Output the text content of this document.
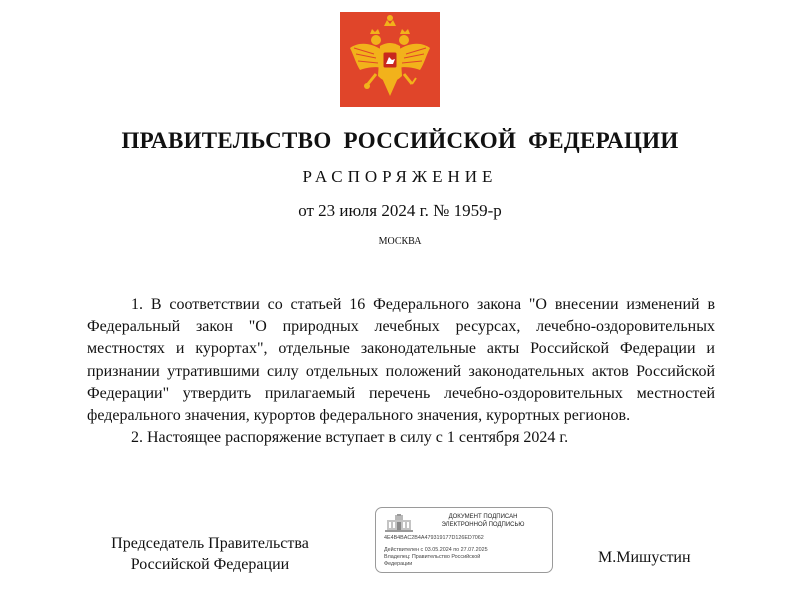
ПРАВИТЕЛЬСТВО РОССИЙСКОЙ ФЕДЕРАЦИИ
РАСПОРЯЖЕНИЕ
от 23 июля 2024 г. № 1959-р
МОСКВА

1. В соответствии со статьей 16 Федерального закона "О внесении изменений в Федеральный закон "О природных лечебных ресурсах, лечебно-оздоровительных местностях и курортах", отдельные законодательные акты Российской Федерации и признании утратившими силу отдельных положений законодательных актов Российской Федерации" утвердить прилагаемый перечень лечебно-оздоровительных местностей федерального значения, курортов федерального значения, курортных регионов.

2. Настоящее распоряжение вступает в силу с 1 сентября 2024 г.

Председатель Правительства
Российской Федерации
ДОКУМЕНТ ПОДПИСАН
ЭЛЕКТРОННОЙ ПОДПИСЬЮ
4E4B4BAC2B4A479319177D126ED7062
Действителен с 03.05.2024 по 27.07.2025
Владелец: Правительство Российской
Федерации	М.Мишустин
